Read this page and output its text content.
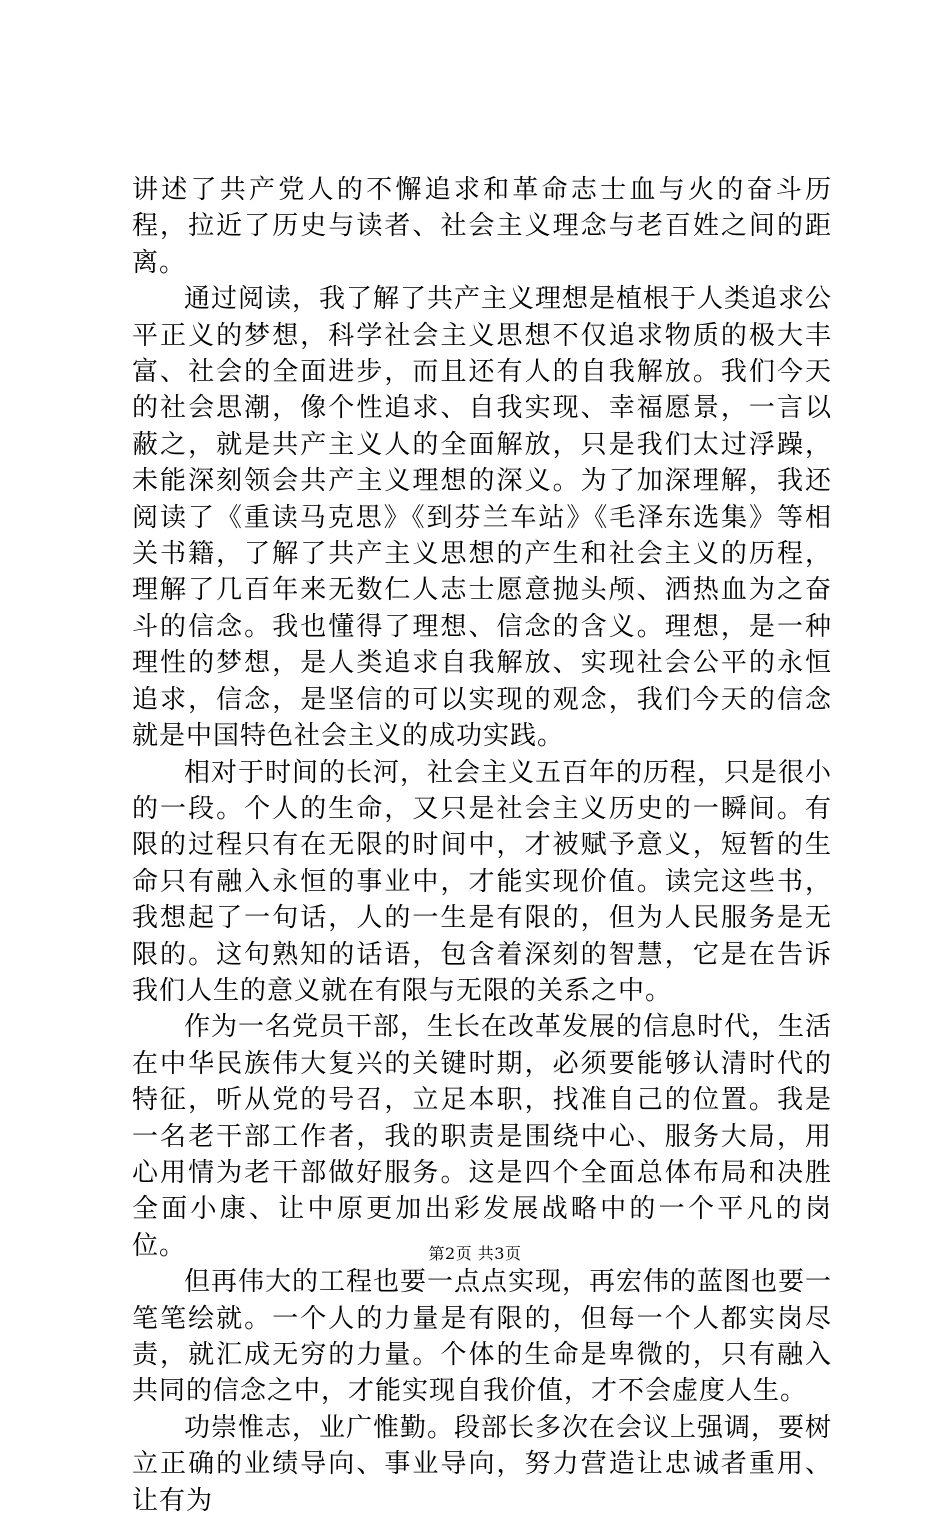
讲述了共产党人的不懈追求和革命志士血与火的奋斗历程，拉近了历史与读者、社会主义理念与老百姓之间的距离。

通过阅读，我了解了共产主义理想是植根于人类追求公平正义的梦想，科学社会主义思想不仅追求物质的极大丰富、社会的全面进步，而且还有人的自我解放。我们今天的社会思潮，像个性追求、自我实现、幸福愿景，一言以蔽之，就是共产主义人的全面解放，只是我们太过浮躁，未能深刻领会共产主义理想的深义。为了加深理解，我还阅读了《重读马克思》《到芬兰车站》《毛泽东选集》等相关书籍，了解了共产主义思想的产生和社会主义的历程，理解了几百年来无数仁人志士愿意抛头颅、洒热血为之奋斗的信念。我也懂得了理想、信念的含义。理想，是一种理性的梦想，是人类追求自我解放、实现社会公平的永恒追求，信念，是坚信的可以实现的观念，我们今天的信念就是中国特色社会主义的成功实践。

相对于时间的长河，社会主义五百年的历程，只是很小的一段。个人的生命，又只是社会主义历史的一瞬间。有限的过程只有在无限的时间中，才被赋予意义，短暂的生命只有融入永恒的事业中，才能实现价值。读完这些书，我想起了一句话，人的一生是有限的，但为人民服务是无限的。这句熟知的话语，包含着深刻的智慧，它是在告诉我们人生的意义就在有限与无限的关系之中。

作为一名党员干部，生长在改革发展的信息时代，生活在中华民族伟大复兴的关键时期，必须要能够认清时代的特征，听从党的号召，立足本职，找准自己的位置。我是一名老干部工作者，我的职责是围绕中心、服务大局，用心用情为老干部做好服务。这是四个全面总体布局和决胜全面小康、让中原更加出彩发展战略中的一个平凡的岗位。

但再伟大的工程也要一点点实现，再宏伟的蓝图也要一笔笔绘就。一个人的力量是有限的，但每一个人都实岗尽责，就汇成无穷的力量。个体的生命是卑微的，只有融入共同的信念之中，才能实现自我价值，才不会虚度人生。

功崇惟志，业广惟勤。段部长多次在会议上强调，要树立正确的业绩导向、事业导向，努力营造让忠诚者重用、让有为

第2页 共3页
